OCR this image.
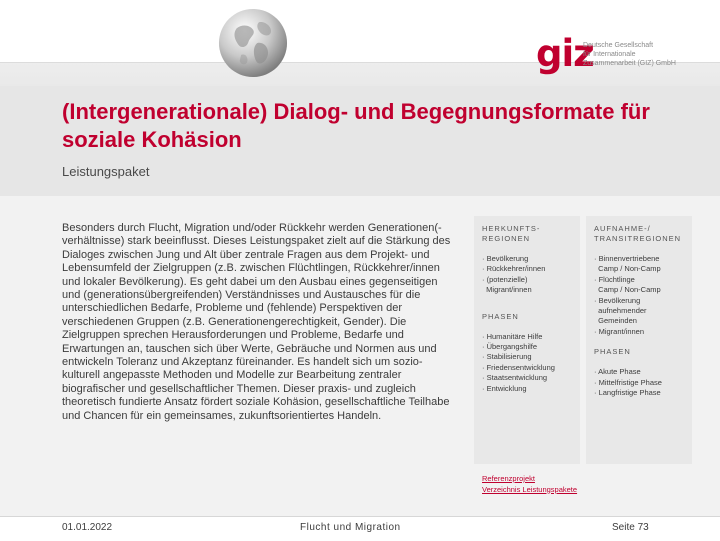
giz
Deutsche Gesellschaft
für Internationale
Zusammenarbeit (GIZ) GmbH
(Intergenerationale) Dialog- und Begegnungsformate für soziale Kohäsion
Leistungspaket

Besonders durch Flucht, Migration und/oder Rückkehr werden Generationen(-verhältnisse) stark beeinflusst. Dieses Leistungspaket zielt auf die Stärkung des Dialoges zwischen Jung und Alt über zentrale Fragen aus dem Projekt- und Lebensumfeld der Zielgruppen (z.B. zwischen Flüchtlingen, Rückkehrer/innen und lokaler Bevölkerung). Es geht dabei um den Ausbau eines gegenseitigen und (generationsübergreifenden) Verständnisses und Austausches für die unterschiedlichen Bedarfe, Probleme und (fehlende) Perspektiven der verschiedenen Gruppen (z.B. Generationengerechtigkeit, Gender). Die Zielgruppen sprechen Herausforderungen und Probleme, Bedarfe und Erwartungen an, tauschen sich über Werte, Gebräuche und Normen aus und entwickeln Toleranz und Akzeptanz füreinander. Es handelt sich um sozio-kulturell angepasste Methoden und Modelle zur Bearbeitung zentraler biografischer und gesellschaftlicher Themen. Dieser praxis- und zugleich theoretisch fundierte Ansatz fördert soziale Kohäsion, gesellschaftliche Teilhabe und Chancen für ein gemeinsames, zukunftsorientiertes Handeln.

HERKUNFTS-
REGIONEN
· Bevölkerung
· Rückkehrer/innen
· (potenzielle)
Migrant/innen
PHASEN
· Humanitäre Hilfe
· Übergangshilfe
· Stabilisierung
· Friedensentwicklung
· Staatsentwicklung
· Entwicklung
AUFNAHME-/
TRANSITREGIONEN
· Binnenvertriebene
Camp / Non-Camp
· Flüchtlinge
Camp / Non-Camp
· Bevölkerung
aufnehmender
Gemeinden
· Migrant/innen
PHASEN
· Akute Phase
· Mittelfristige Phase
· Langfristige Phase
Referenzprojekt
Verzeichnis Leistungspakete
01.01.2022	Flucht und Migration	Seite 73
